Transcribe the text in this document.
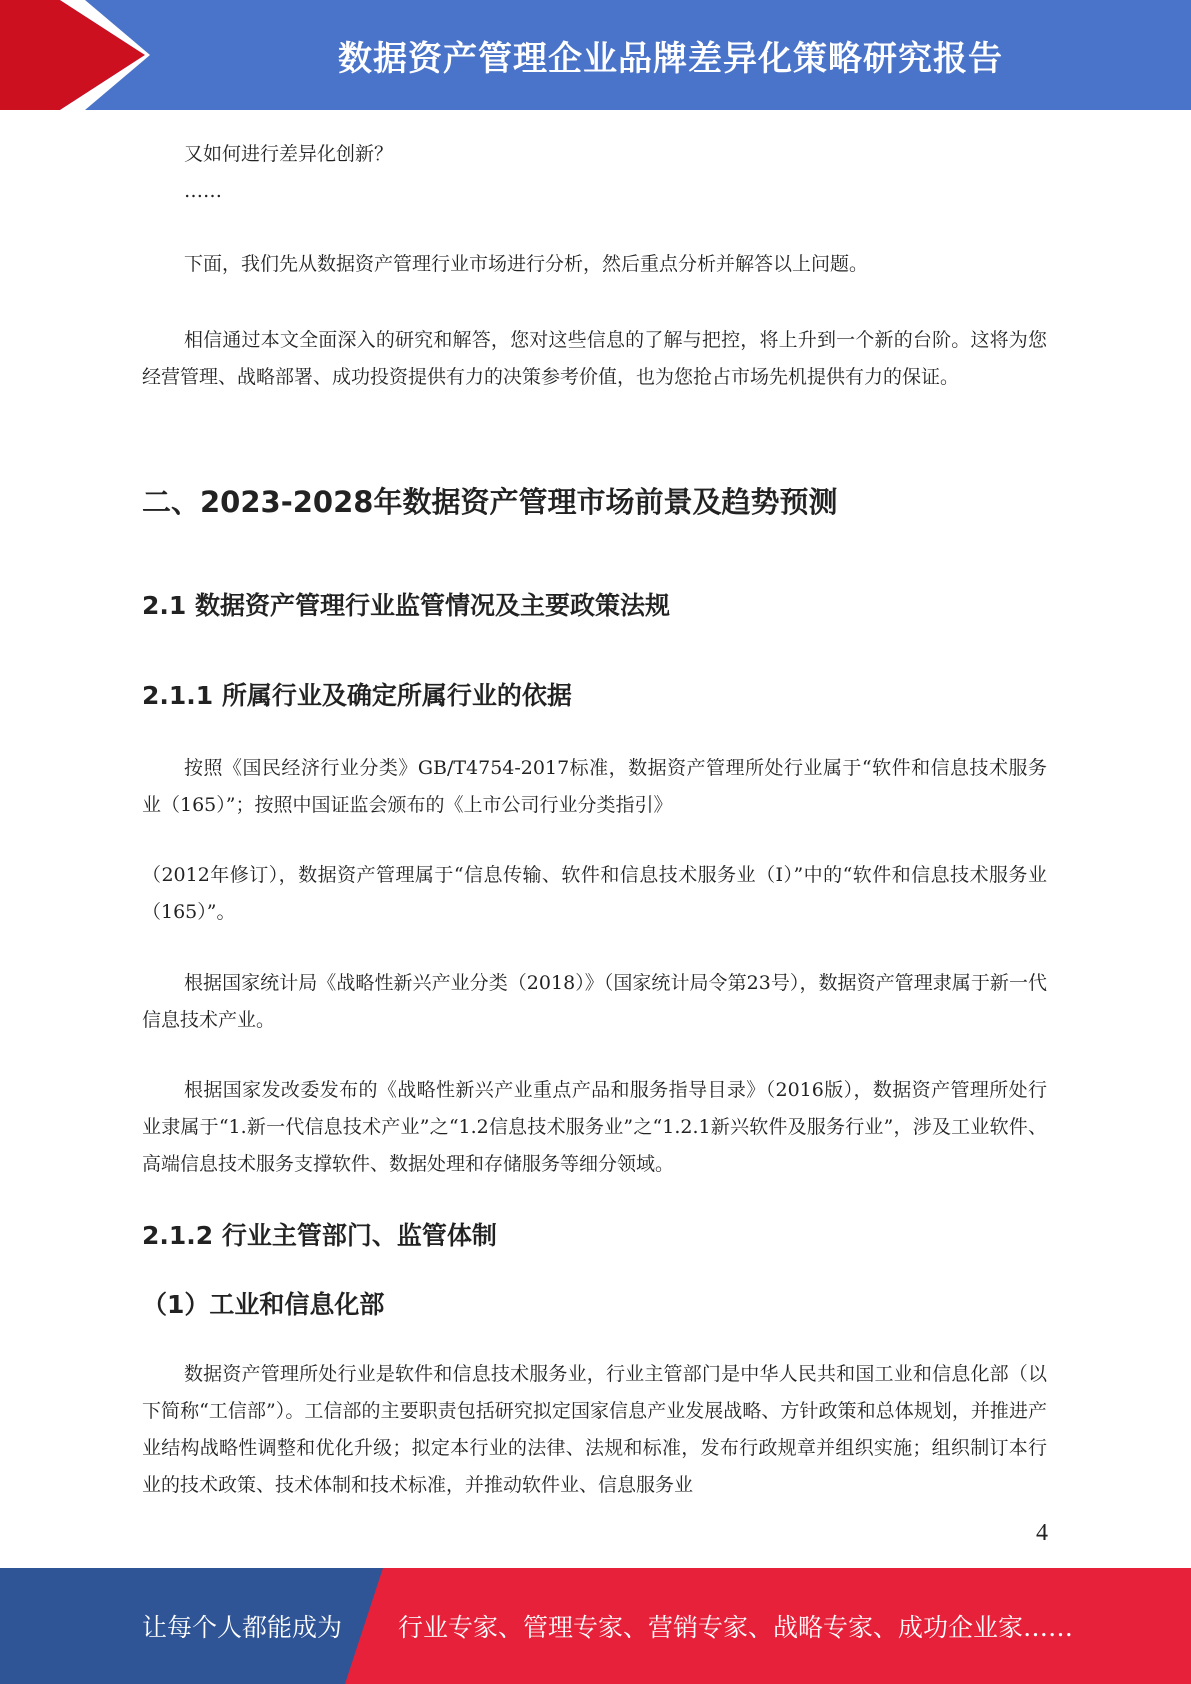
数据资产管理企业品牌差异化策略研究报告

又如何进行差异化创新？

……

下面，我们先从数据资产管理行业市场进行分析，然后重点分析并解答以上问题。

相信通过本文全面深入的研究和解答，您对这些信息的了解与把控，将上升到一个新的台阶。这将为您经营管理、战略部署、成功投资提供有力的决策参考价值，也为您抢占市场先机提供有力的保证。

二、2023-2028年数据资产管理市场前景及趋势预测
2.1 数据资产管理行业监管情况及主要政策法规
2.1.1 所属行业及确定所属行业的依据

按照《国民经济行业分类》GB/T4754-2017标准，数据资产管理所处行业属于“软件和信息技术服务业（165）”；按照中国证监会颁布的《上市公司行业分类指引》

（2012年修订），数据资产管理属于“信息传输、软件和信息技术服务业（I）”中的“软件和信息技术服务业（165）”。

根据国家统计局《战略性新兴产业分类（2018）》（国家统计局令第23号），数据资产管理隶属于新一代信息技术产业。

根据国家发改委发布的《战略性新兴产业重点产品和服务指导目录》（2016版），数据资产管理所处行业隶属于“1.新一代信息技术产业”之“1.2信息技术服务业”之“1.2.1新兴软件及服务行业”，涉及工业软件、高端信息技术服务支撑软件、数据处理和存储服务等细分领域。

2.1.2 行业主管部门、监管体制
（1）工业和信息化部

数据资产管理所处行业是软件和信息技术服务业，行业主管部门是中华人民共和国工业和信息化部（以下简称“工信部”）。工信部的主要职责包括研究拟定国家信息产业发展战略、方针政策和总体规划，并推进产业结构战略性调整和优化升级；拟定本行业的法律、法规和标准，发布行政规章并组织实施；组织制订本行业的技术政策、技术体制和技术标准，并推动软件业、信息服务业

4
让每个人都能成为 行业专家、管理专家、营销专家、战略专家、成功企业家……
